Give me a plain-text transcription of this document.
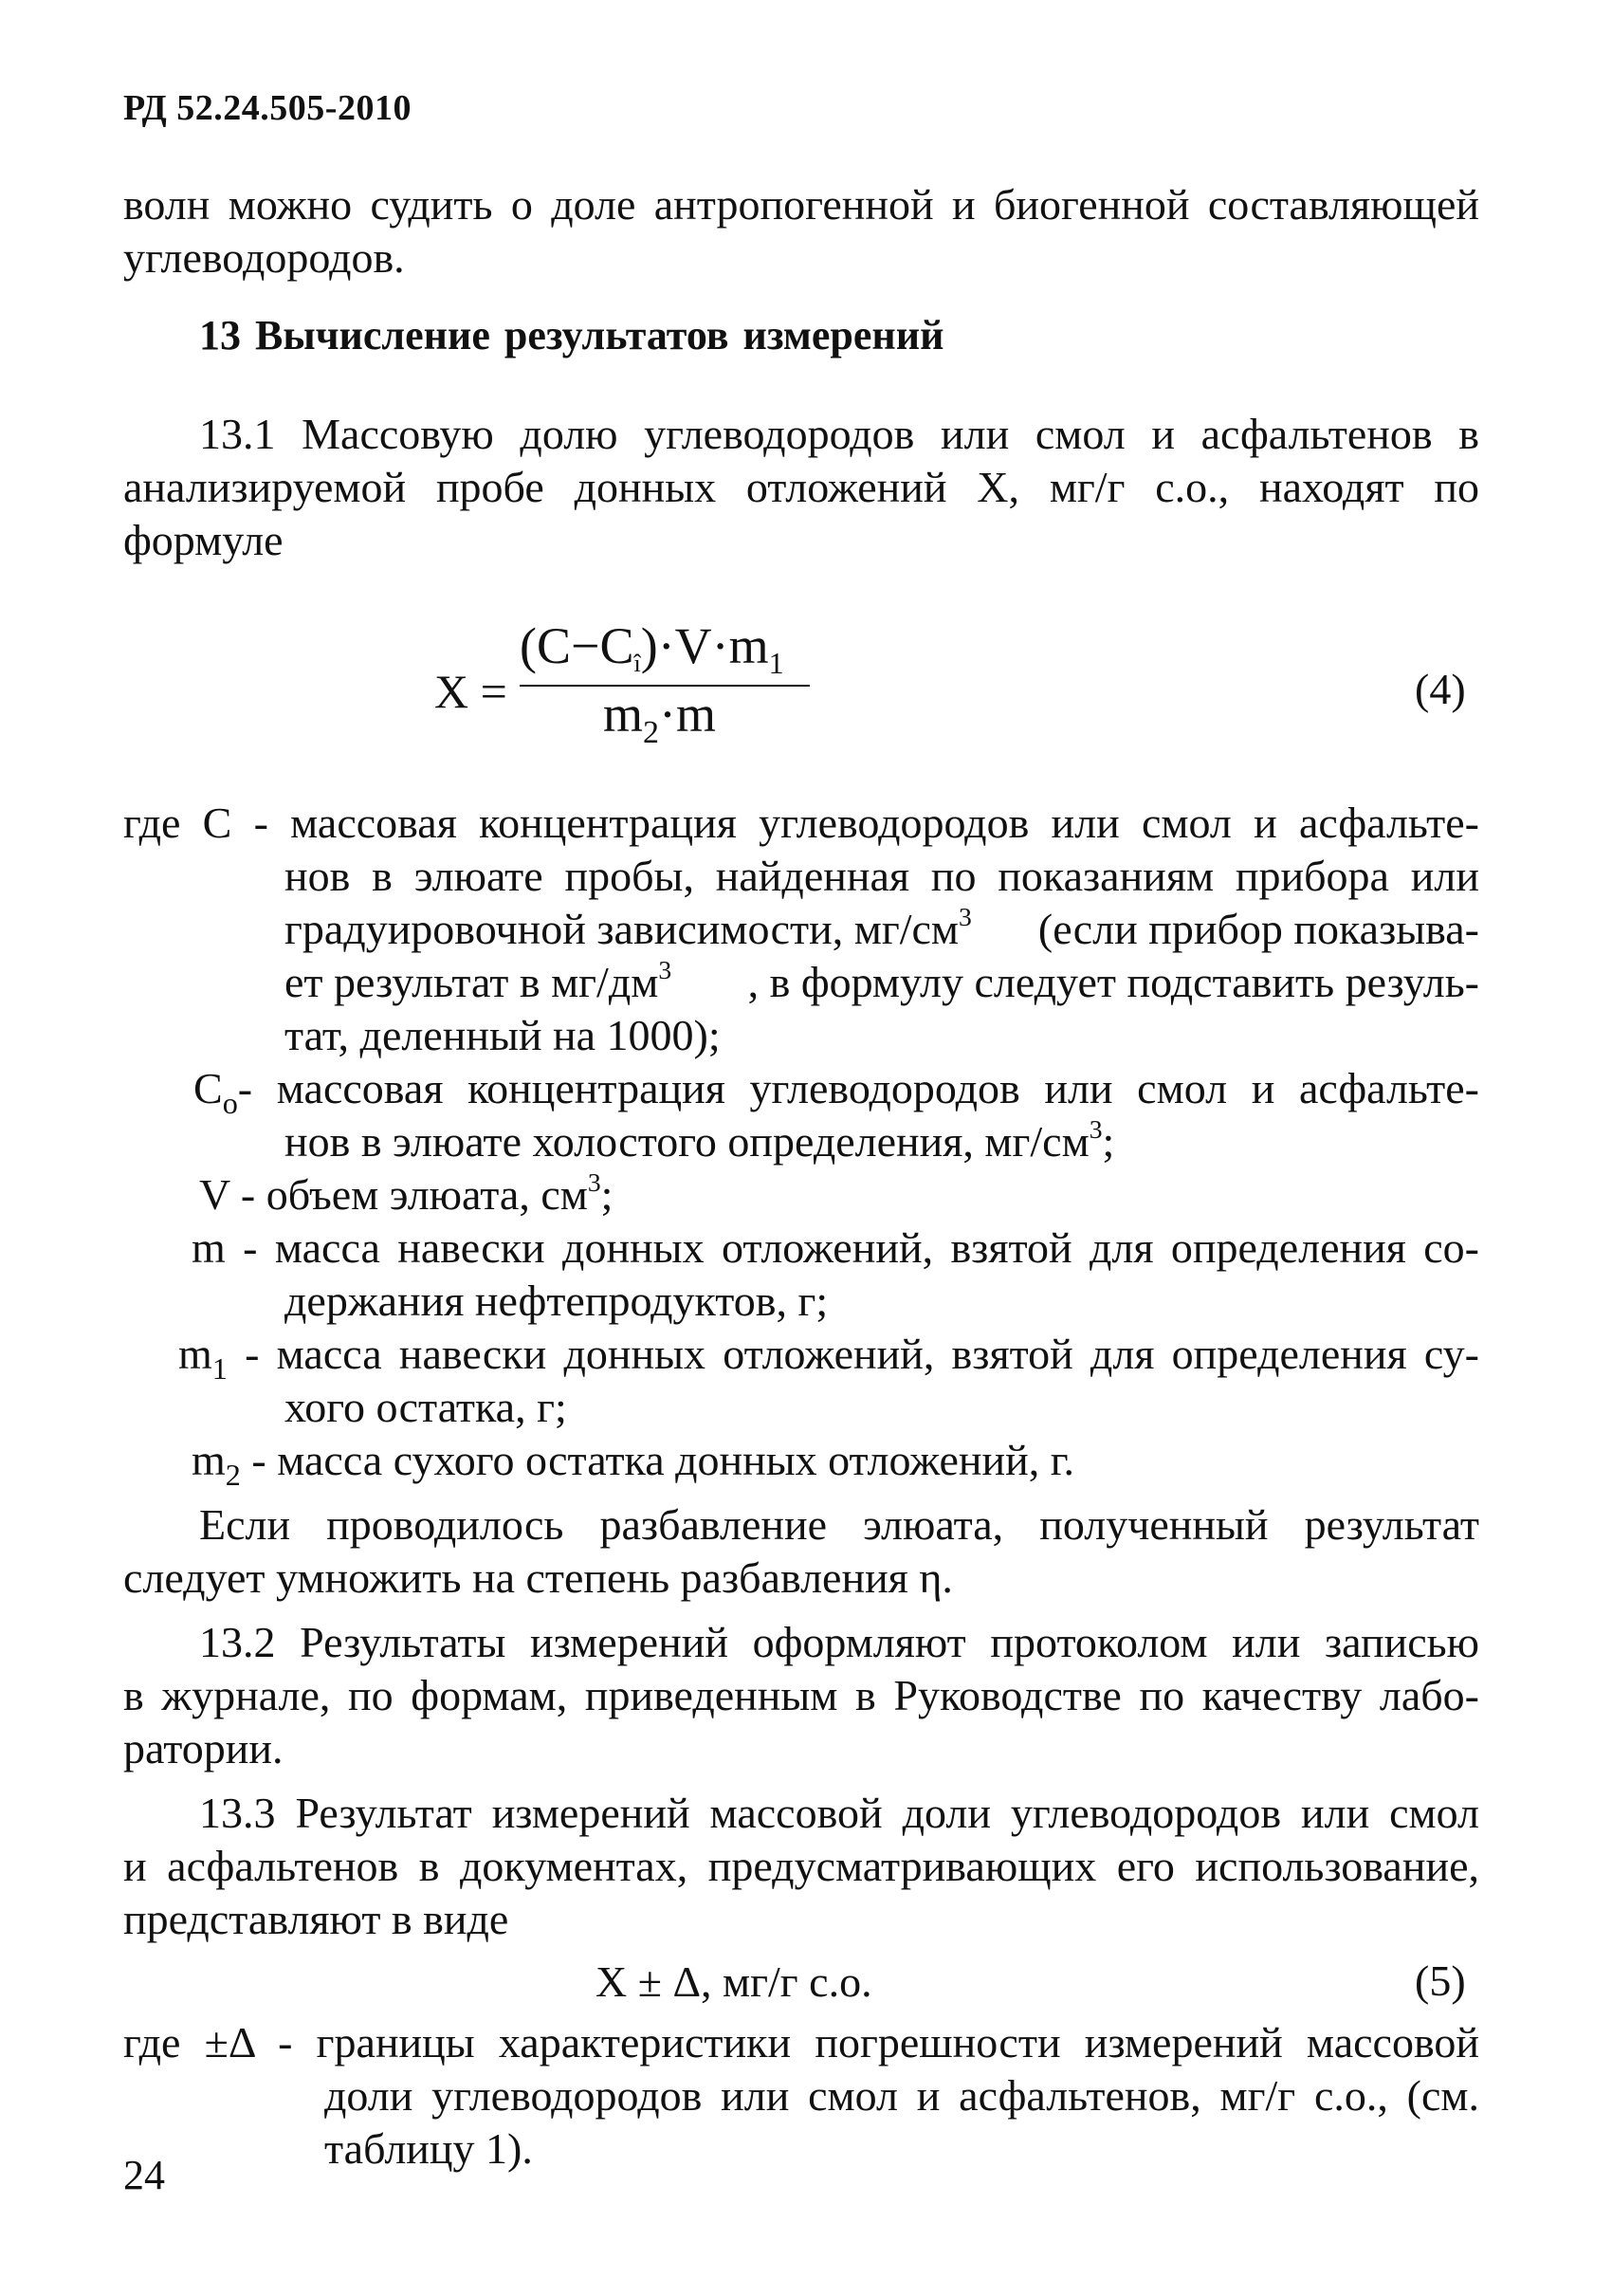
РД 52.24.505-2010
волн можно судить о доле антропогенной и биогенной составляющей
углеводородов.
13 Вычисление результатов измерений
13.1 Массовую долю углеводородов или смол и асфальтенов в
анализируемой пробе донных отложений Х, мг/г с.о., находят по
формуле
X =
$(C-C_î)\cdot V\cdot m_1$
$m_2\cdot m$	(4)
где С - массовая концентрация углеводородов или смол и асфальте-
нов в элюате пробы, найденная по показаниям прибора или
градуировочной зависимости, $мг/см^3$ (если прибор показыва-
ет результат в $мг/дм^3$ , в формулу следует подставить резуль-
тат, деленный на 1000);
$С_о-$ массовая концентрация углеводородов или смол и асфальте-
нов в элюате холостого определения, $мг/см^3$;
V - объем элюата, $см^3$;
m - масса навески донных отложений, взятой для определения со-
держания нефтепродуктов, г;
$m_1$ - масса навески донных отложений, взятой для определения су-
хого остатка, г;
$m_2$ - масса сухого остатка донных отложений, г.
Если проводилось разбавление элюата, полученный результат
следует умножить на степень разбавления η.
13.2 Результаты измерений оформляют протоколом или записью
в журнале, по формам, приведенным в Руководстве по качеству лабо-
ратории.
13.3 Результат измерений массовой доли углеводородов или смол
и асфальтенов в документах, предусматривающих его использование,
представляют в виде
X ± Δ, мг/г с.о.	(5)
где ±Δ - границы характеристики погрешности измерений массовой
доли углеводородов или смол и асфальтенов, мг/г с.о., (см.
таблицу 1).
24
